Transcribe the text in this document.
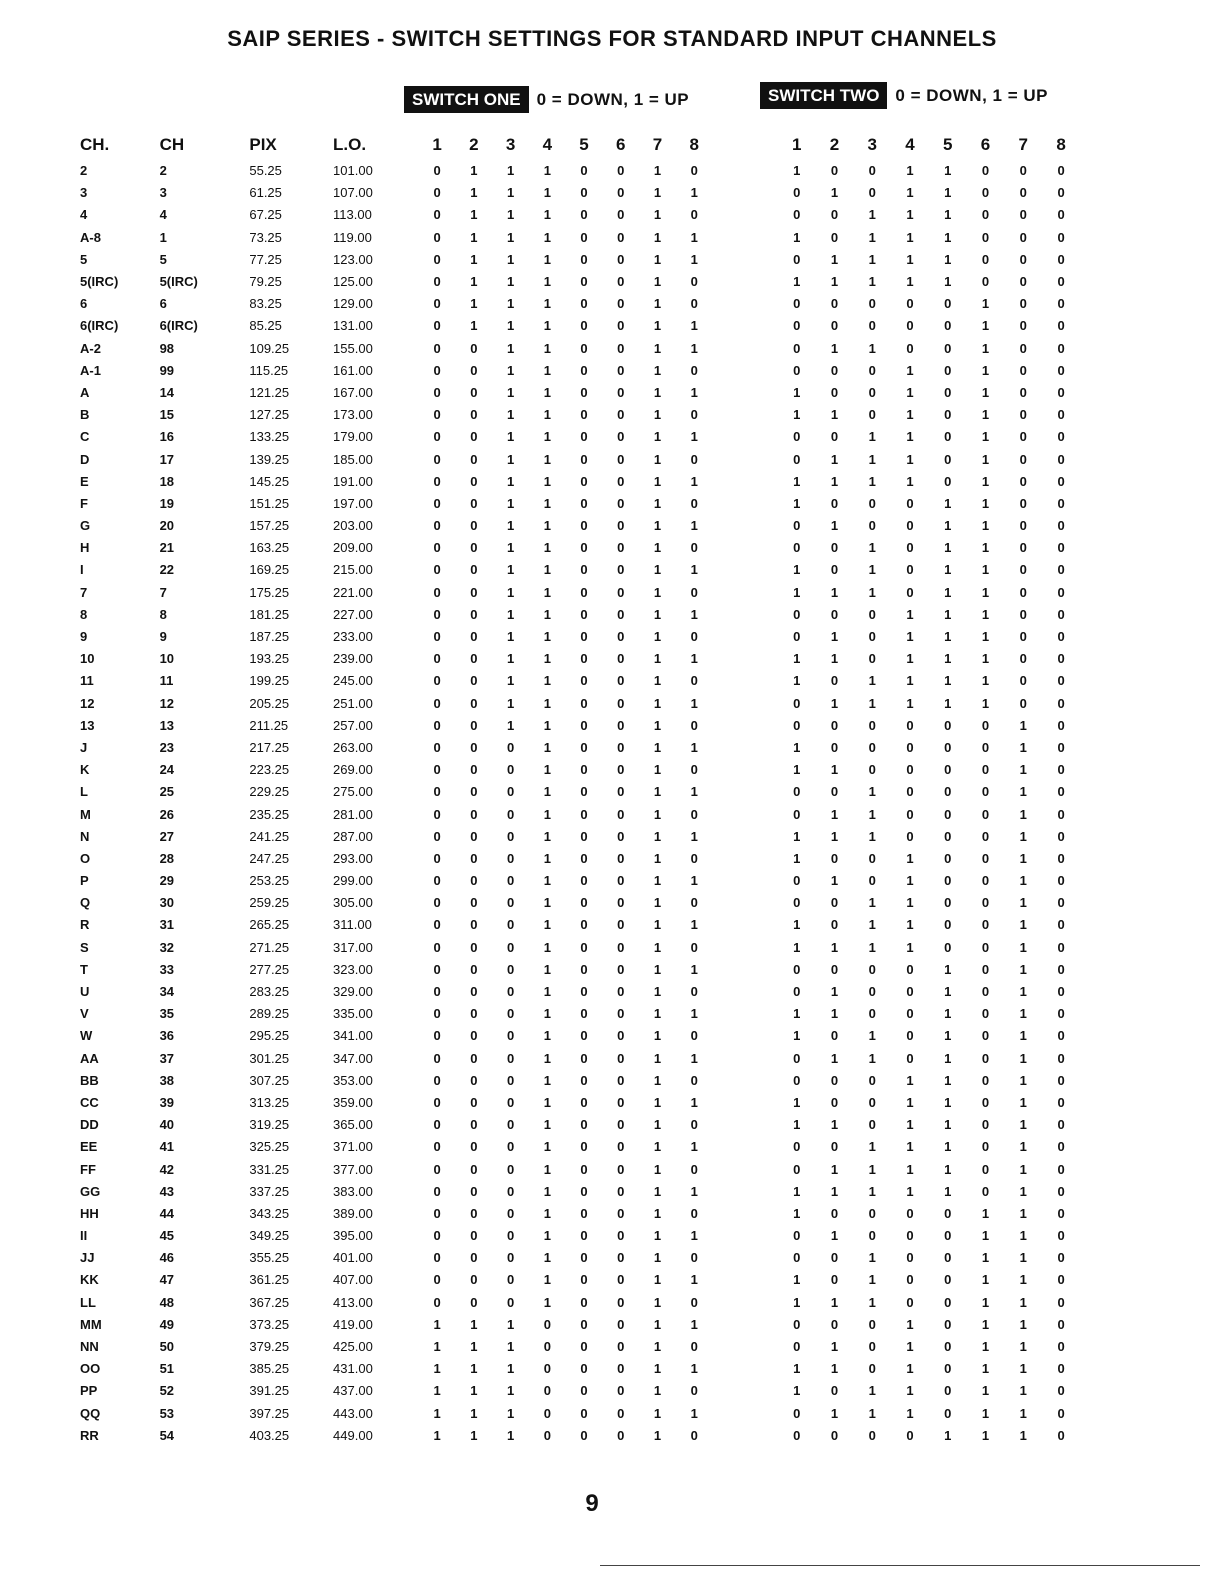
SAIP SERIES - SWITCH SETTINGS FOR STANDARD INPUT CHANNELS
SWITCH ONE 0 = DOWN, 1 = UP	SWITCH TWO 0 = DOWN, 1 = UP
CH.	CH	PIX	L.O.	1	2	3	4	5	6	7	8		1	2	3	4	5	6	7	8
2	2	55.25	101.00	0	1	1	1	0	0	1	0		1	0	0	1	1	0	0	0
3	3	61.25	107.00	0	1	1	1	0	0	1	1		0	1	0	1	1	0	0	0
4	4	67.25	113.00	0	1	1	1	0	0	1	0		0	0	1	1	1	0	0	0
A-8	1	73.25	119.00	0	1	1	1	0	0	1	1		1	0	1	1	1	0	0	0
5	5	77.25	123.00	0	1	1	1	0	0	1	1		0	1	1	1	1	0	0	0
5(IRC)	5(IRC)	79.25	125.00	0	1	1	1	0	0	1	0		1	1	1	1	1	0	0	0
6	6	83.25	129.00	0	1	1	1	0	0	1	0		0	0	0	0	0	1	0	0
6(IRC)	6(IRC)	85.25	131.00	0	1	1	1	0	0	1	1		0	0	0	0	0	1	0	0
A-2	98	109.25	155.00	0	0	1	1	0	0	1	1		0	1	1	0	0	1	0	0
A-1	99	115.25	161.00	0	0	1	1	0	0	1	0		0	0	0	1	0	1	0	0
A	14	121.25	167.00	0	0	1	1	0	0	1	1		1	0	0	1	0	1	0	0
B	15	127.25	173.00	0	0	1	1	0	0	1	0		1	1	0	1	0	1	0	0
C	16	133.25	179.00	0	0	1	1	0	0	1	1		0	0	1	1	0	1	0	0
D	17	139.25	185.00	0	0	1	1	0	0	1	0		0	1	1	1	0	1	0	0
E	18	145.25	191.00	0	0	1	1	0	0	1	1		1	1	1	1	0	1	0	0
F	19	151.25	197.00	0	0	1	1	0	0	1	0		1	0	0	0	1	1	0	0
G	20	157.25	203.00	0	0	1	1	0	0	1	1		0	1	0	0	1	1	0	0
H	21	163.25	209.00	0	0	1	1	0	0	1	0		0	0	1	0	1	1	0	0
I	22	169.25	215.00	0	0	1	1	0	0	1	1		1	0	1	0	1	1	0	0
7	7	175.25	221.00	0	0	1	1	0	0	1	0		1	1	1	0	1	1	0	0
8	8	181.25	227.00	0	0	1	1	0	0	1	1		0	0	0	1	1	1	0	0
9	9	187.25	233.00	0	0	1	1	0	0	1	0		0	1	0	1	1	1	0	0
10	10	193.25	239.00	0	0	1	1	0	0	1	1		1	1	0	1	1	1	0	0
11	11	199.25	245.00	0	0	1	1	0	0	1	0		1	0	1	1	1	1	0	0
12	12	205.25	251.00	0	0	1	1	0	0	1	1		0	1	1	1	1	1	0	0
13	13	211.25	257.00	0	0	1	1	0	0	1	0		0	0	0	0	0	0	1	0
J	23	217.25	263.00	0	0	0	1	0	0	1	1		1	0	0	0	0	0	1	0
K	24	223.25	269.00	0	0	0	1	0	0	1	0		1	1	0	0	0	0	1	0
L	25	229.25	275.00	0	0	0	1	0	0	1	1		0	0	1	0	0	0	1	0
M	26	235.25	281.00	0	0	0	1	0	0	1	0		0	1	1	0	0	0	1	0
N	27	241.25	287.00	0	0	0	1	0	0	1	1		1	1	1	0	0	0	1	0
O	28	247.25	293.00	0	0	0	1	0	0	1	0		1	0	0	1	0	0	1	0
P	29	253.25	299.00	0	0	0	1	0	0	1	1		0	1	0	1	0	0	1	0
Q	30	259.25	305.00	0	0	0	1	0	0	1	0		0	0	1	1	0	0	1	0
R	31	265.25	311.00	0	0	0	1	0	0	1	1		1	0	1	1	0	0	1	0
S	32	271.25	317.00	0	0	0	1	0	0	1	0		1	1	1	1	0	0	1	0
T	33	277.25	323.00	0	0	0	1	0	0	1	1		0	0	0	0	1	0	1	0
U	34	283.25	329.00	0	0	0	1	0	0	1	0		0	1	0	0	1	0	1	0
V	35	289.25	335.00	0	0	0	1	0	0	1	1		1	1	0	0	1	0	1	0
W	36	295.25	341.00	0	0	0	1	0	0	1	0		1	0	1	0	1	0	1	0
AA	37	301.25	347.00	0	0	0	1	0	0	1	1		0	1	1	0	1	0	1	0
BB	38	307.25	353.00	0	0	0	1	0	0	1	0		0	0	0	1	1	0	1	0
CC	39	313.25	359.00	0	0	0	1	0	0	1	1		1	0	0	1	1	0	1	0
DD	40	319.25	365.00	0	0	0	1	0	0	1	0		1	1	0	1	1	0	1	0
EE	41	325.25	371.00	0	0	0	1	0	0	1	1		0	0	1	1	1	0	1	0
FF	42	331.25	377.00	0	0	0	1	0	0	1	0		0	1	1	1	1	0	1	0
GG	43	337.25	383.00	0	0	0	1	0	0	1	1		1	1	1	1	1	0	1	0
HH	44	343.25	389.00	0	0	0	1	0	0	1	0		1	0	0	0	0	1	1	0
II	45	349.25	395.00	0	0	0	1	0	0	1	1		0	1	0	0	0	1	1	0
JJ	46	355.25	401.00	0	0	0	1	0	0	1	0		0	0	1	0	0	1	1	0
KK	47	361.25	407.00	0	0	0	1	0	0	1	1		1	0	1	0	0	1	1	0
LL	48	367.25	413.00	0	0	0	1	0	0	1	0		1	1	1	0	0	1	1	0
MM	49	373.25	419.00	1	1	1	0	0	0	1	1		0	0	0	1	0	1	1	0
NN	50	379.25	425.00	1	1	1	0	0	0	1	0		0	1	0	1	0	1	1	0
OO	51	385.25	431.00	1	1	1	0	0	0	1	1		1	1	0	1	0	1	1	0
PP	52	391.25	437.00	1	1	1	0	0	0	1	0		1	0	1	1	0	1	1	0
QQ	53	397.25	443.00	1	1	1	0	0	0	1	1		0	1	1	1	0	1	1	0
RR	54	403.25	449.00	1	1	1	0	0	0	1	0		0	0	0	0	1	1	1	0
9
